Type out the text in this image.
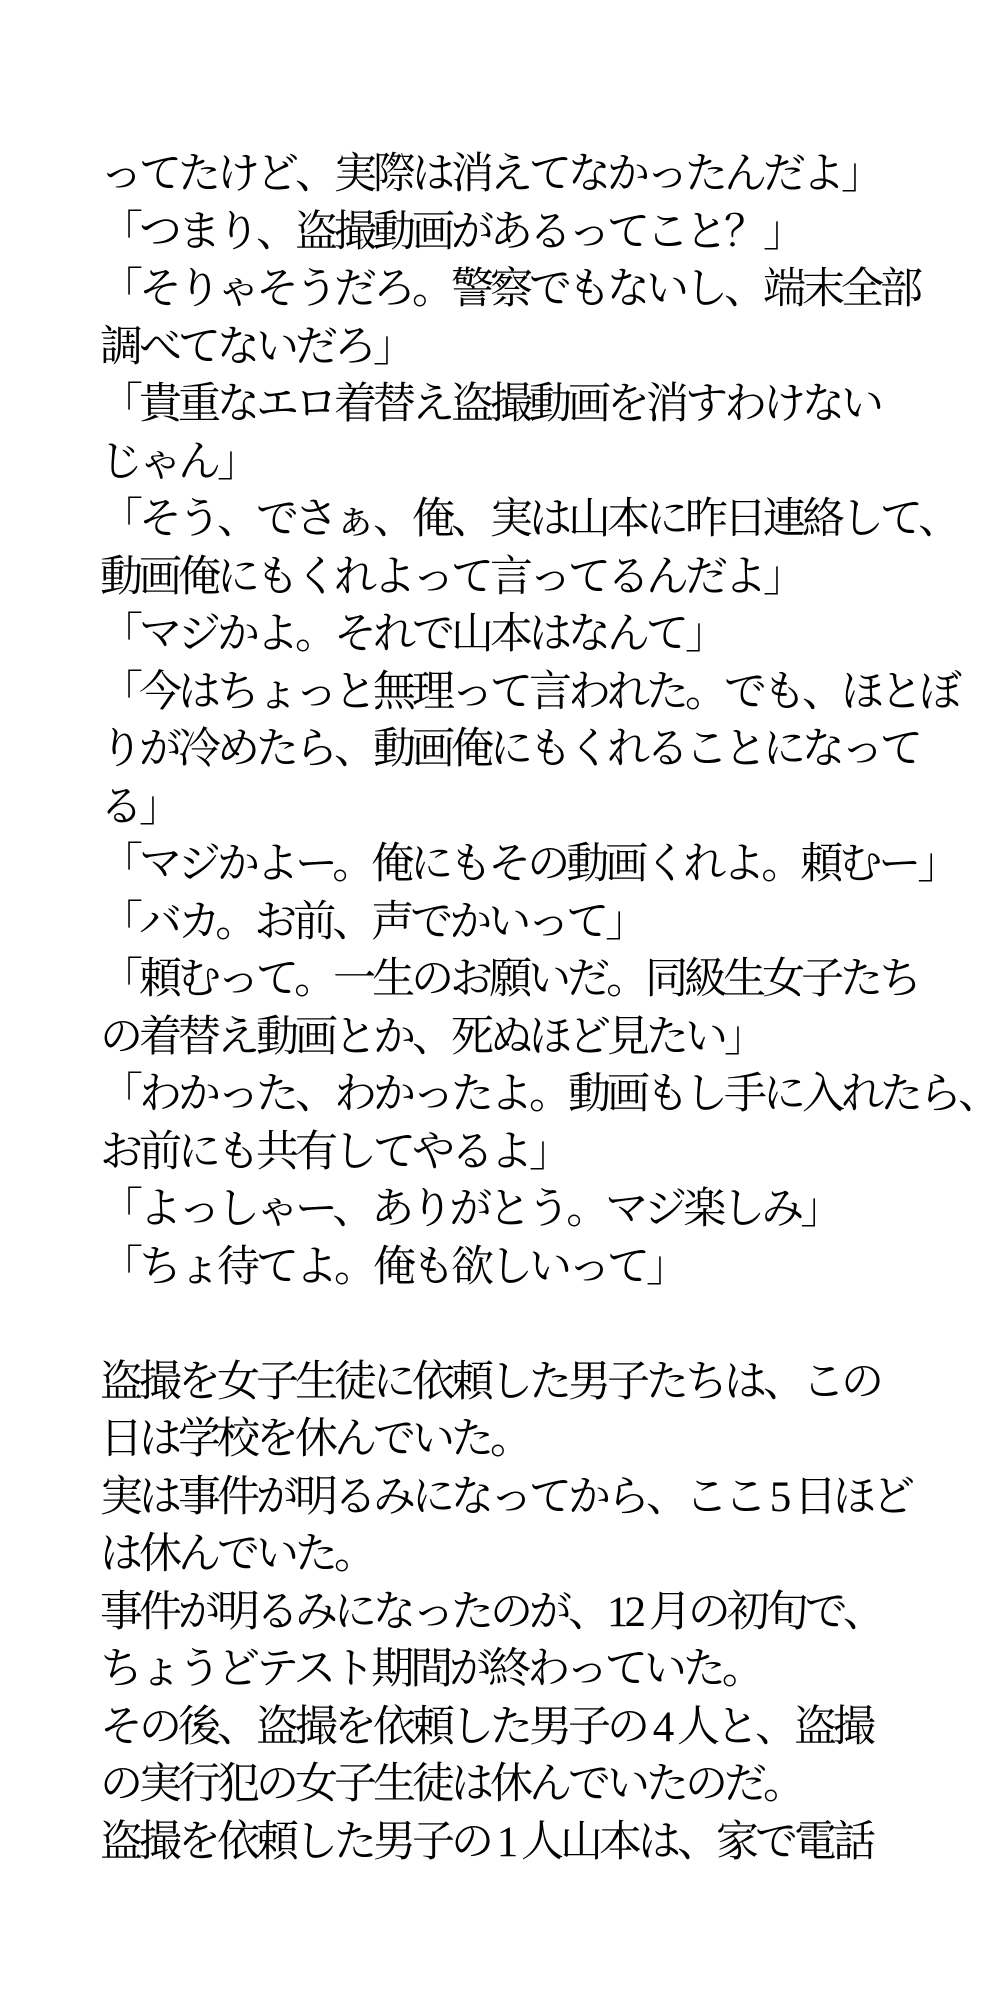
ってたけど、実際は消えてなかったんだよ」
「つまり、盗撮動画があるってこと？」
「そりゃそうだろ。警察でもないし、端末全部
調べてないだろ」
「貴重なエロ着替え盗撮動画を消すわけない
じゃん」
「そう、でさぁ、俺、実は山本に昨日連絡して、
動画俺にもくれよって言ってるんだよ」
「マジかよ。それで山本はなんて」
「今はちょっと無理って言われた。でも、ほとぼ
りが冷めたら、動画俺にもくれることになって
る」
「マジかよー。俺にもその動画くれよ。頼むー」
「バカ。お前、声でかいって」
「頼むって。一生のお願いだ。同級生女子たち
の着替え動画とか、死ぬほど見たい」
「わかった、わかったよ。動画もし手に入れたら、
お前にも共有してやるよ」
「よっしゃー、ありがとう。マジ楽しみ」
「ちょ待てよ。俺も欲しいって」
盗撮を女子生徒に依頼した男子たちは、この
日は学校を休んでいた。
実は事件が明るみになってから、ここ 5 日ほど
は休んでいた。
事件が明るみになったのが、12 月の初旬で、
ちょうどテスト期間が終わっていた。
その後、盗撮を依頼した男子の 4 人と、盗撮
の実行犯の女子生徒は休んでいたのだ。
盗撮を依頼した男子の 1 人山本は、家で電話
